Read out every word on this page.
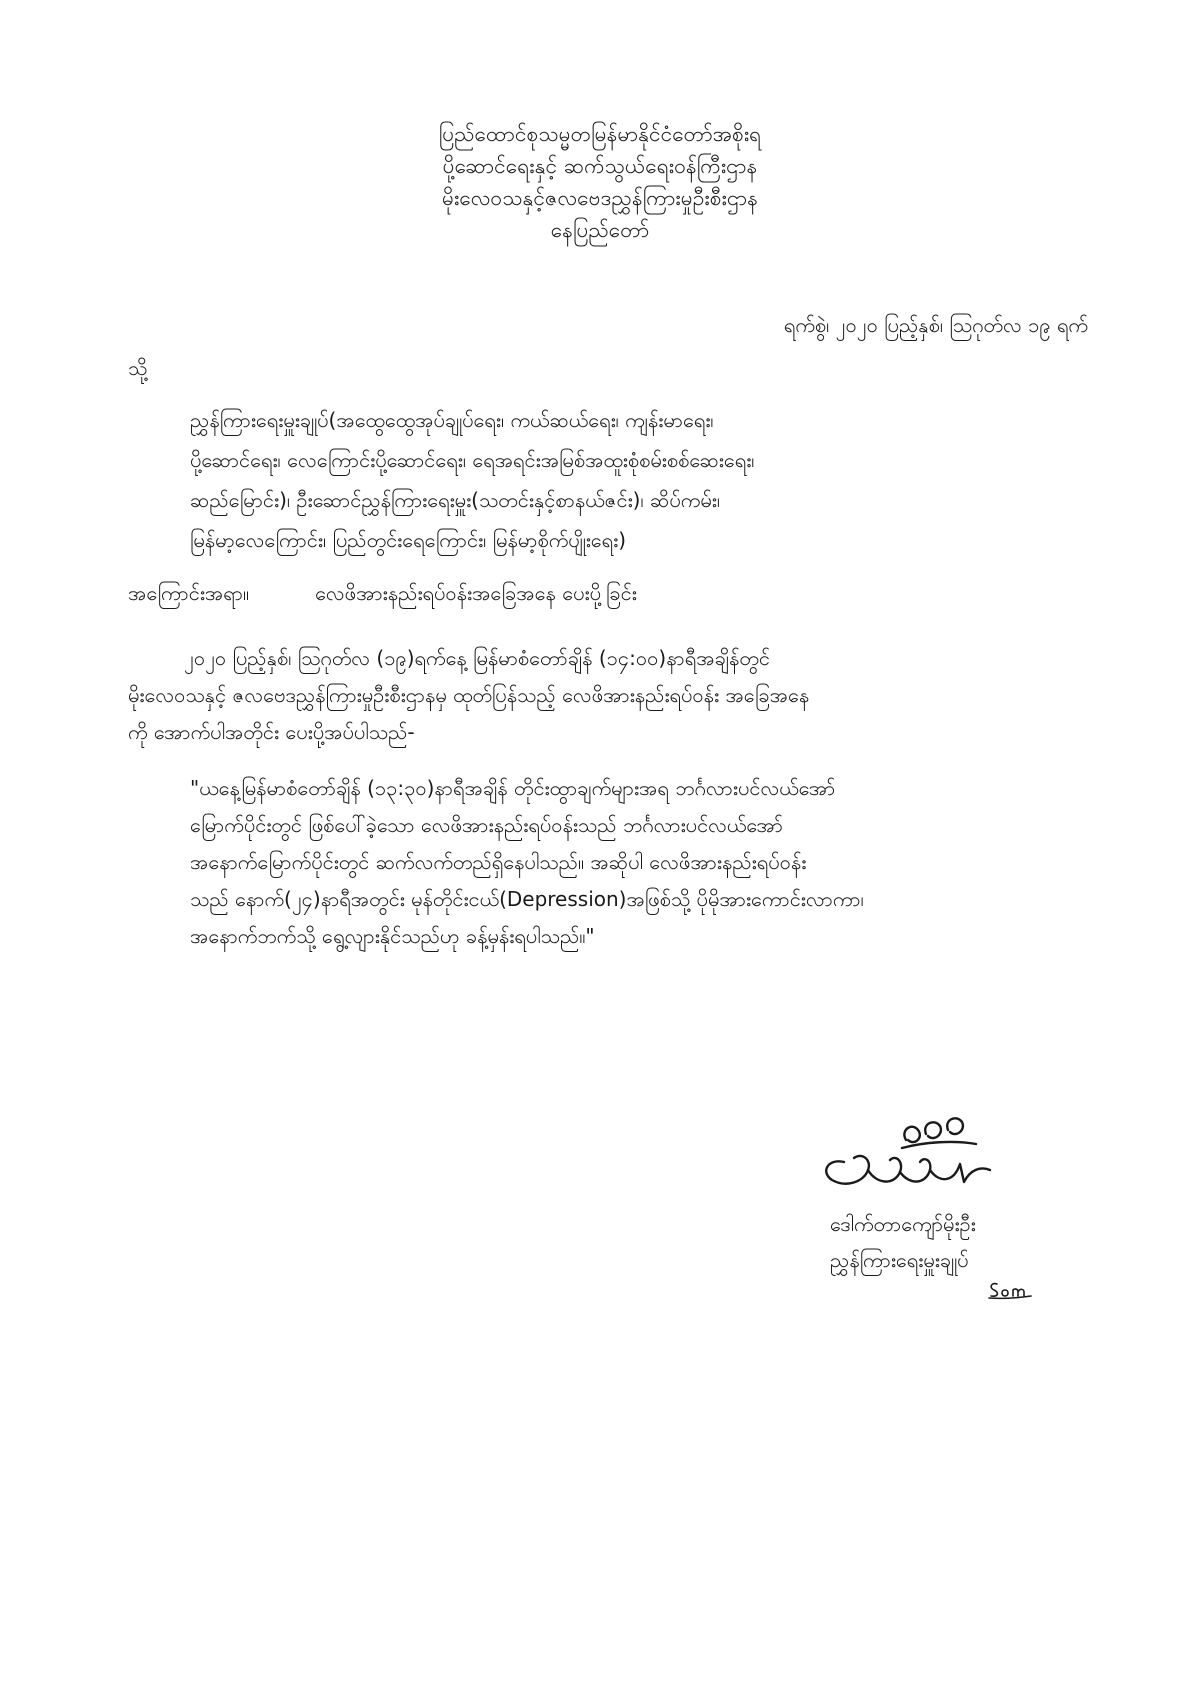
ပြည်ထောင်စုသမ္မတမြန်မာနိုင်ငံတော်အစိုးရ
ပို့ဆောင်ရေးနှင့် ဆက်သွယ်ရေးဝန်ကြီးဌာန
မိုးလေဝသနှင့်ဇလဗေဒညွှန်ကြားမှုဦးစီးဌာန
နေပြည်တော်
ရက်စွဲ၊ ၂၀၂၀ ပြည့်နှစ်၊ ဩဂုတ်လ ၁၉ ရက်
သို့
ညွှန်ကြားရေးမှူးချုပ်(အထွေထွေအုပ်ချုပ်ရေး၊ ကယ်ဆယ်ရေး၊ ကျန်းမာရေး၊
ပို့ဆောင်ရေး၊ လေကြောင်းပို့ဆောင်ရေး၊ ရေအရင်းအမြစ်အထူးစုံစမ်းစစ်ဆေးရေး၊
ဆည်မြောင်း)၊ ဦးဆောင်ညွှန်ကြားရေးမှူး(သတင်းနှင့်စာနယ်ဇင်း)၊ ဆိပ်ကမ်း၊
မြန်မာ့လေကြောင်း၊ ပြည်တွင်းရေကြောင်း၊ မြန်မာ့စိုက်ပျိုးရေး)
အကြောင်းအရာ။	လေဖိအားနည်းရပ်ဝန်းအခြေအနေ ပေးပို့ခြင်း
၂၀၂၀ ပြည့်နှစ်၊ ဩဂုတ်လ (၁၉)ရက်နေ့ မြန်မာစံတော်ချိန် (၁၄:၀၀)နာရီအချိန်တွင်
မိုးလေဝသနှင့် ဇလဗေဒညွှန်ကြားမှုဦးစီးဌာနမှ ထုတ်ပြန်သည့် လေဖိအားနည်းရပ်ဝန်း အခြေအနေ
ကို အောက်ပါအတိုင်း ပေးပို့အပ်ပါသည်-
"ယနေ့မြန်မာစံတော်ချိန် (၁၃:၃၀)နာရီအချိန် တိုင်းထွာချက်များအရ ဘင်္ဂလားပင်လယ်အော်
မြောက်ပိုင်းတွင် ဖြစ်ပေါ်ခဲ့သော လေဖိအားနည်းရပ်ဝန်းသည် ဘင်္ဂလားပင်လယ်အော်
အနောက်မြောက်ပိုင်းတွင် ဆက်လက်တည်ရှိနေပါသည်။ အဆိုပါ လေဖိအားနည်းရပ်ဝန်း
သည် နောက်(၂၄)နာရီအတွင်း မုန်တိုင်းငယ်(Depression)အဖြစ်သို့ ပိုမိုအားကောင်းလာကာ၊
အနောက်ဘက်သို့ ရွေ့လျားနိုင်သည်ဟု ခန့်မှန်းရပါသည်။"
ဒေါက်တာကျော်မိုးဦး
ညွှန်ကြားရေးမှူးချုပ်
